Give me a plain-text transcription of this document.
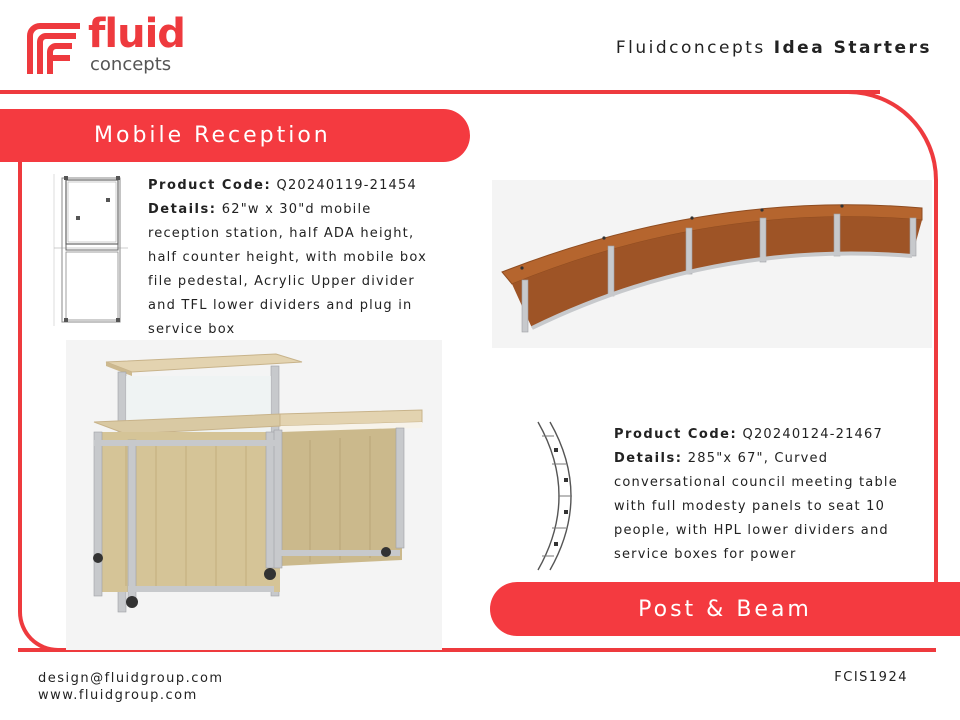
fluid
concepts
Fluidconcepts Idea Starters
Mobile Reception
Product Code: Q20240119-21454
Details: 62"w x 30"d mobile reception station, half ADA height, half counter height, with mobile box file pedestal, Acrylic Upper divider and TFL lower dividers and plug in service box
Product Code: Q20240124-21467
Details: 285"x 67", Curved conversational council meeting table with full modesty panels to seat 10 people, with HPL lower dividers and service boxes for power
Post & Beam
design@fluidgroup.com
www.fluidgroup.com
FCIS1924
